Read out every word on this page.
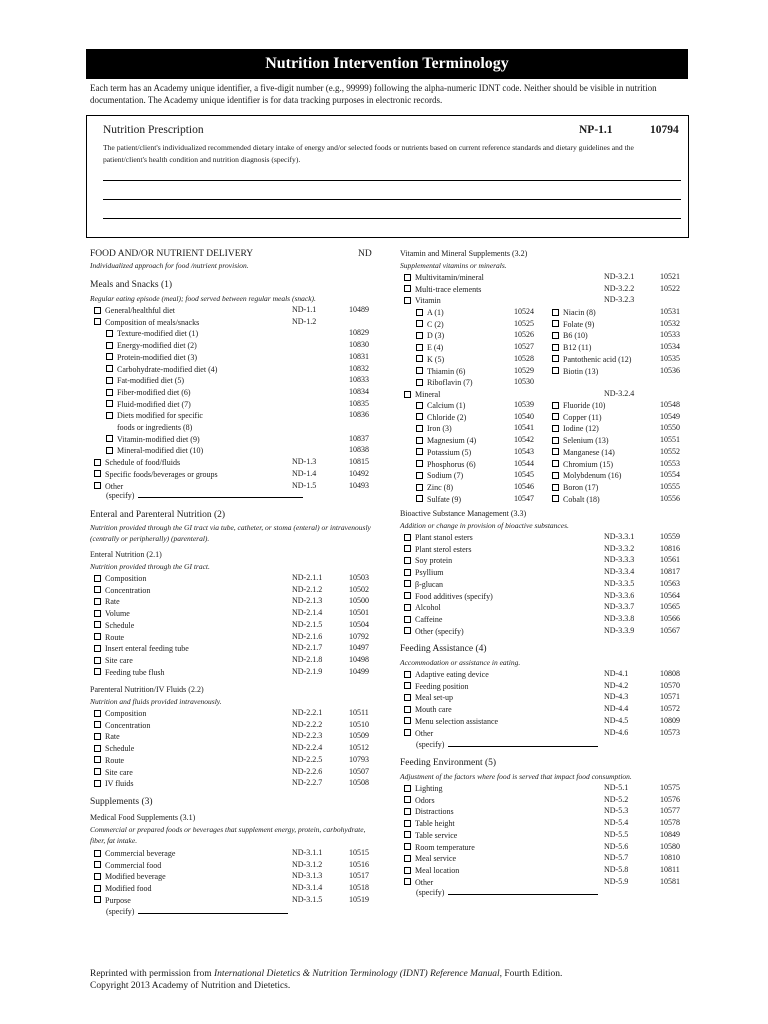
Nutrition Intervention Terminology

Each term has an Academy unique identifier, a five-digit number (e.g., 99999) following the alpha-numeric IDNT code. Neither should be visible in nutrition documentation. The Academy unique identifier is for data tracking purposes in electronic records.

Nutrition Prescription	NP-1.1	10794
The patient/client's individualized recommended dietary intake of energy and/or selected foods or nutrients based on current reference standards and dietary guidelines and the patient/client's health condition and nutrition diagnosis (specify).
FOOD AND/OR NUTRIENT DELIVERY	ND
Individualized approach for food /nutrient provision.
Meals and Snacks (1)
Regular eating episode (meal); food served between regular meals (snack).
General/healthful diet	ND-1.1	10489
Composition of meals/snacks	ND-1.2
Texture-modified diet (1)	10829
Energy-modified diet (2)	10830
Protein-modified diet (3)	10831
Carbohydrate-modified diet (4)	10832
Fat-modified diet (5)	10833
Fiber-modified diet (6)	10834
Fluid-modified diet (7)	10835
Diets modified for specific	10836
foods or ingredients (8)
Vitamin-modified diet (9)	10837
Mineral-modified diet (10)	10838
Schedule of food/fluids	ND-1.3	10815
Specific foods/beverages or groups	ND-1.4	10492
Other	ND-1.5	10493
(specify)
Enteral and Parenteral Nutrition (2)
Nutrition provided through the GI tract via tube, catheter, or stoma (enteral) or intravenously (centrally or peripherally) (parenteral).
Enteral Nutrition (2.1)
Nutrition provided through the GI tract.
Composition	ND-2.1.1	10503
Concentration	ND-2.1.2	10502
Rate	ND-2.1.3	10500
Volume	ND-2.1.4	10501
Schedule	ND-2.1.5	10504
Route	ND-2.1.6	10792
Insert enteral feeding tube	ND-2.1.7	10497
Site care	ND-2.1.8	10498
Feeding tube flush	ND-2.1.9	10499
Parenteral Nutrition/IV Fluids (2.2)
Nutrition and fluids provided intravenously.
Composition	ND-2.2.1	10511
Concentration	ND-2.2.2	10510
Rate	ND-2.2.3	10509
Schedule	ND-2.2.4	10512
Route	ND-2.2.5	10793
Site care	ND-2.2.6	10507
IV fluids	ND-2.2.7	10508
Supplements (3)
Medical Food Supplements (3.1)
Commercial or prepared foods or beverages that supplement energy, protein, carbohydrate, fiber, fat intake.
Commercial beverage	ND-3.1.1	10515
Commercial food	ND-3.1.2	10516
Modified beverage	ND-3.1.3	10517
Modified food	ND-3.1.4	10518
Purpose	ND-3.1.5	10519
(specify)
Vitamin and Mineral Supplements (3.2)
Supplemental vitamins or minerals.
Multivitamin/mineral	ND-3.2.1	10521
Multi-trace elements	ND-3.2.2	10522
Vitamin	ND-3.2.3
A (1)	10524
C (2)	10525
D (3)	10526
E (4)	10527
K (5)	10528
Thiamin (6)	10529
Riboflavin (7)	10530
Niacin (8)	10531
Folate (9)	10532
B6 (10)	10533
B12 (11)	10534
Pantothenic acid (12)	10535
Biotin (13)	10536
Mineral	ND-3.2.4
Calcium (1)	10539
Chloride (2)	10540
Iron (3)	10541
Magnesium (4)	10542
Potassium (5)	10543
Phosphorus (6)	10544
Sodium (7)	10545
Zinc (8)	10546
Sulfate (9)	10547
Fluoride (10)	10548
Copper (11)	10549
Iodine (12)	10550
Selenium (13)	10551
Manganese (14)	10552
Chromium (15)	10553
Molybdenum (16)	10554
Boron (17)	10555
Cobalt (18)	10556
Bioactive Substance Management (3.3)
Addition or change in provision of bioactive substances.
Plant stanol esters	ND-3.3.1	10559
Plant sterol esters	ND-3.3.2	10816
Soy protein	ND-3.3.3	10561
Psyllium	ND-3.3.4	10817
β-glucan	ND-3.3.5	10563
Food additives (specify)	ND-3.3.6	10564
Alcohol	ND-3.3.7	10565
Caffeine	ND-3.3.8	10566
Other (specify)	ND-3.3.9	10567
Feeding Assistance (4)
Accommodation or assistance in eating.
Adaptive eating device	ND-4.1	10808
Feeding position	ND-4.2	10570
Meal set-up	ND-4.3	10571
Mouth care	ND-4.4	10572
Menu selection assistance	ND-4.5	10809
Other	ND-4.6	10573
(specify)
Feeding Environment (5)
Adjustment of the factors where food is served that impact food consumption.
Lighting	ND-5.1	10575
Odors	ND-5.2	10576
Distractions	ND-5.3	10577
Table height	ND-5.4	10578
Table service	ND-5.5	10849
Room temperature	ND-5.6	10580
Meal service	ND-5.7	10810
Meal location	ND-5.8	10811
Other	ND-5.9	10581
(specify)
Reprinted with permission from International Dietetics & Nutrition Terminology (IDNT) Reference Manual, Fourth Edition.
Copyright 2013 Academy of Nutrition and Dietetics.
